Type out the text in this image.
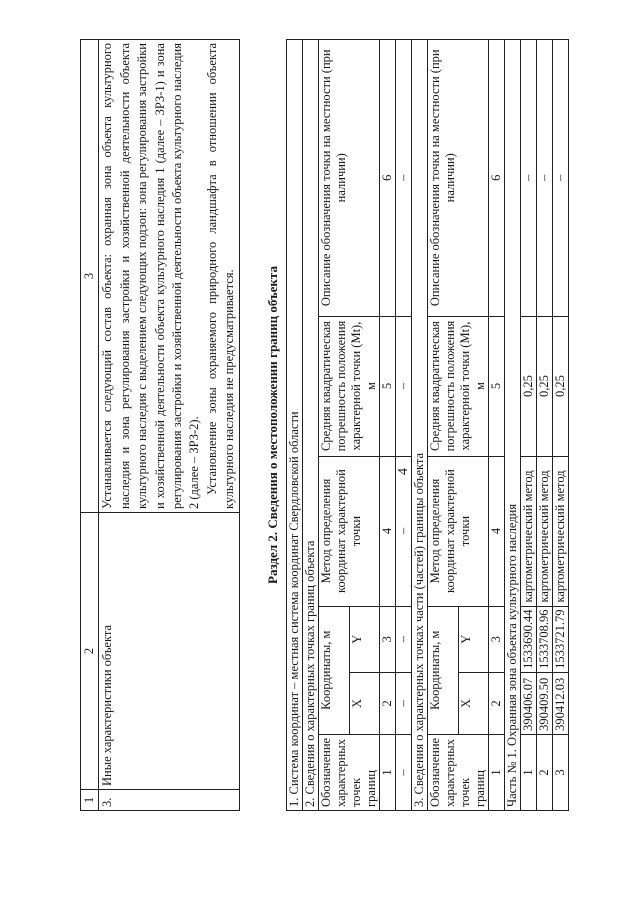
4
1	2	3
3.	Иные характеристики объекта	Устанавливается следующий состав объекта: охранная зона объекта культурного наследия и зона регулирования застройки и хозяйственной деятельности объекта культурного наследия с выделением следующих подзон: зона регулирования застройки и хозяйственной деятельности объекта культурного наследия 1 (далее – ЗРЗ-1) и зона регулирования застройки и хозяйственной деятельности объекта культурного наследия 2 (далее – ЗРЗ-2). Установление зоны охраняемого природного ландшафта в отношении объекта культурного наследия не предусматривается. Раздел 2. Сведения о местоположении границ объекта 1. Система координат – местная система координат Свердловской области					
2. Сведения о характерных точках границ объекта					
Обозначение характерных точек границ	Координаты, м		Метод определения координат характерной точки	Средняя квадратическая погрешность положения характерной точки (Mt), м	Описание обозначения точки на местности (при наличии)
	X	Y			
1	2	3	4	5	6
–	–	–	–	–	–
3. Сведения о характерных точках части (частей) границы объекта					
Обозначение характерных точек границ	Координаты, м		Метод определения координат характерной точки	Средняя квадратическая погрешность положения характерной точки (Mt), м	Описание обозначения точки на местности (при наличии)
	X	Y			
1	2	3	4	5	6
Часть № 1. Охранная зона объекта культурного наследия					
1	390406.07	1533690.44	картометрический метод	0,25	–
2	390409.50	1533708.96	картометрический метод	0,25	–
3	390412.03	1533721.79	картометрический метод	0,25	–
